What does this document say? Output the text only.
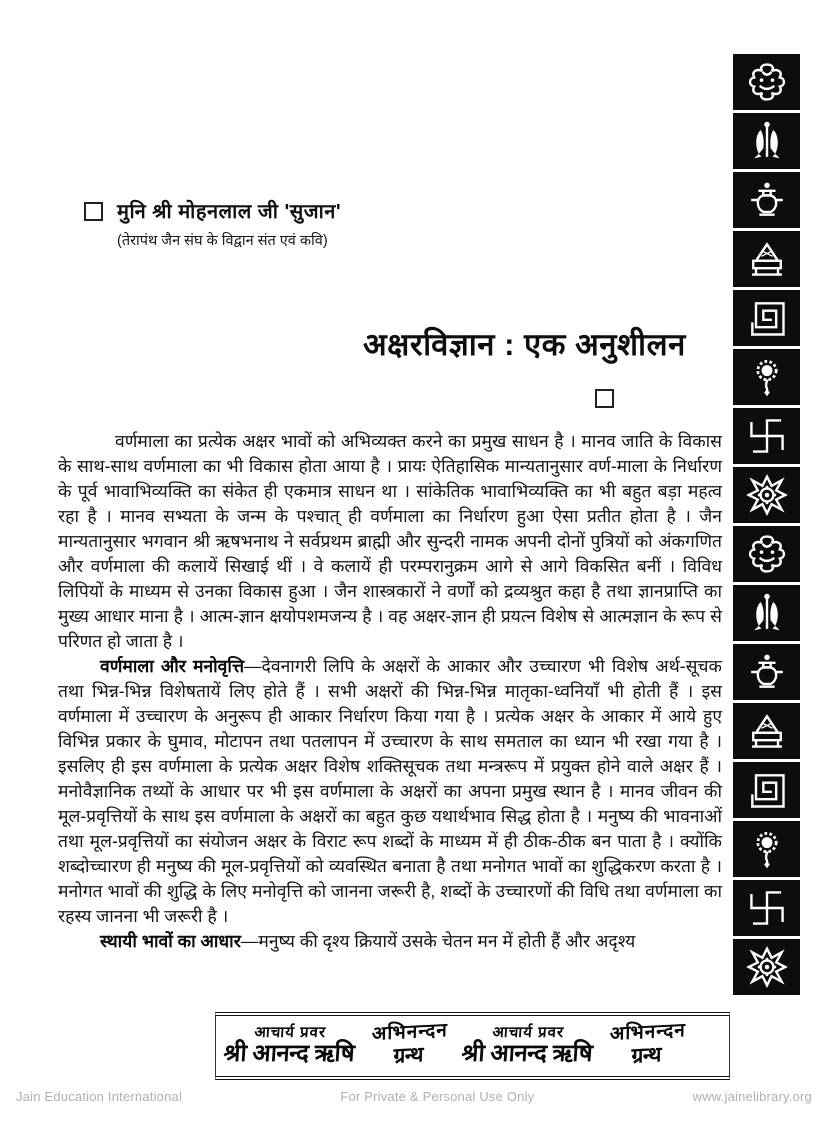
मुनि श्री मोहनलाल जी 'सुजान'
(तेरापंथ जैन संघ के विद्वान संत एवं कवि)
अक्षरविज्ञान : एक अनुशीलन

वर्णमाला का प्रत्येक अक्षर भावों को अभिव्यक्त करने का प्रमुख साधन है । मानव जाति के विकास के साथ-साथ वर्णमाला का भी विकास होता आया है । प्रायः ऐतिहासिक मान्यतानुसार वर्ण-माला के निर्धारण के पूर्व भावाभिव्यक्ति का संकेत ही एकमात्र साधन था । सांकेतिक भावाभिव्यक्ति का भी बहुत बड़ा महत्व रहा है । मानव सभ्यता के जन्म के पश्चात् ही वर्णमाला का निर्धारण हुआ ऐसा प्रतीत होता है । जैन मान्यतानुसार भगवान श्री ऋषभनाथ ने सर्वप्रथम ब्राह्मी और सुन्दरी नामक अपनी दोनों पुत्रियों को अंकगणित और वर्णमाला की कलायें सिखाई थीं । वे कलायें ही परम्परानुक्रम आगे से आगे विकसित बनीं । विविध लिपियों के माध्यम से उनका विकास हुआ । जैन शास्त्रकारों ने वर्णों को द्रव्यश्रुत कहा है तथा ज्ञानप्राप्ति का मुख्य आधार माना है । आत्म-ज्ञान क्षयोपशमजन्य है । वह अक्षर-ज्ञान ही प्रयत्न विशेष से आत्मज्ञान के रूप से परिणत हो जाता है ।

वर्णमाला और मनोवृत्ति—देवनागरी लिपि के अक्षरों के आकार और उच्चारण भी विशेष अर्थ-सूचक तथा भिन्न-भिन्न विशेषतायें लिए होते हैं । सभी अक्षरों की भिन्न-भिन्न मातृका-ध्वनियाँ भी होती हैं । इस वर्णमाला में उच्चारण के अनुरूप ही आकार निर्धारण किया गया है । प्रत्येक अक्षर के आकार में आये हुए विभिन्न प्रकार के घुमाव, मोटापन तथा पतलापन में उच्चारण के साथ समताल का ध्यान भी रखा गया है । इसलिए ही इस वर्णमाला के प्रत्येक अक्षर विशेष शक्तिसूचक तथा मन्त्ररूप में प्रयुक्त होने वाले अक्षर हैं । मनोवैज्ञानिक तथ्यों के आधार पर भी इस वर्णमाला के अक्षरों का अपना प्रमुख स्थान है । मानव जीवन की मूल-प्रवृत्तियों के साथ इस वर्णमाला के अक्षरों का बहुत कुछ यथार्थभाव सिद्ध होता है । मनुष्य की भावनाओं तथा मूल-प्रवृत्तियों का संयोजन अक्षर के विराट रूप शब्दों के माध्यम में ही ठीक-ठीक बन पाता है । क्योंकि शब्दोच्चारण ही मनुष्य की मूल-प्रवृत्तियों को व्यवस्थित बनाता है तथा मनोगत भावों का शुद्धिकरण करता है । मनोगत भावों की शुद्धि के लिए मनोवृत्ति को जानना जरूरी है, शब्दों के उच्चारणों की विधि तथा वर्णमाला का रहस्य जानना भी जरूरी है ।

स्थायी भावों का आधार—मनुष्य की दृश्य क्रियायें उसके चेतन मन में होती हैं और अदृश्य

आचार्य प्रवर
श्री आनन्द ऋषि
अभिनन्दन
ग्रन्थ
आचार्य प्रवर
श्री आनन्द ऋषि
अभिनन्दन
ग्रन्थ
Jain Education International	For Private & Personal Use Only	www.jainelibrary.org
